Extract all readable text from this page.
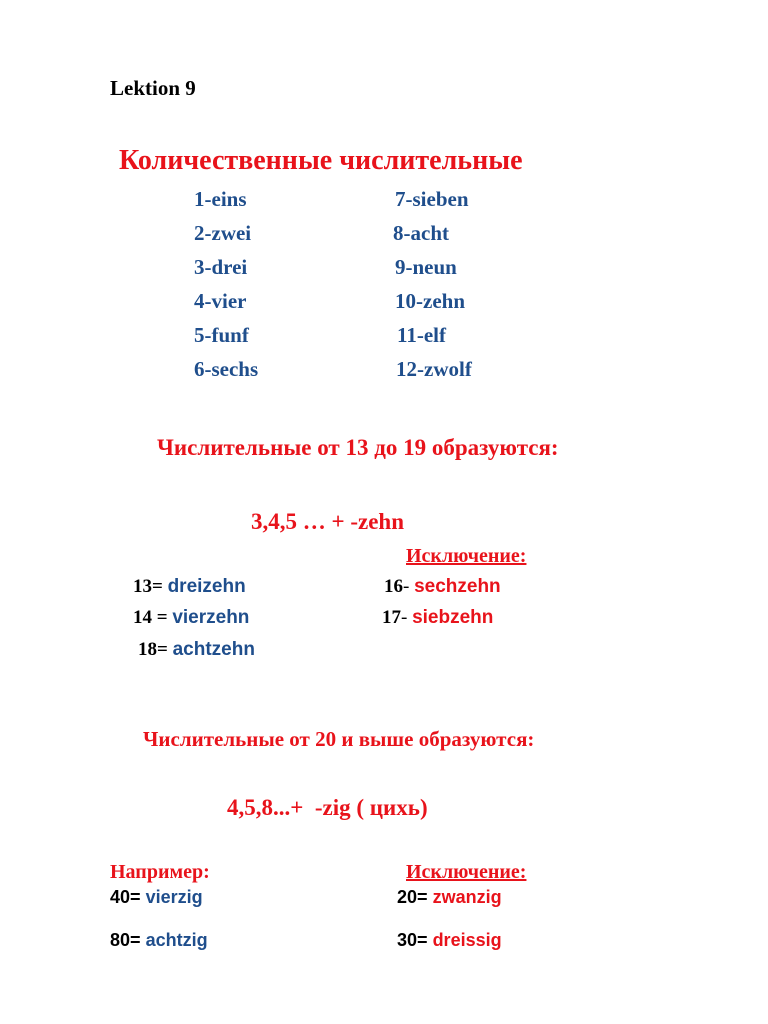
Lektion 9
Количественные числительные
1-eins
2-zwei
3-drei
4-vier
5-funf
6-sechs
7-sieben
8-acht
9-neun
10-zehn
11-elf
12-zwolf
Числительные от 13 до 19 образуются:
3,4,5 … + -zehn
Исключение:
13= dreizehn
14 = vierzehn
18= achtzehn
16- sechzehn
17- siebzehn
Числительные от 20 и выше образуются:
4,5,8...+  -zig ( цихь)
Например:	Исключение:
40= vierzig
80= achtzig
20= zwanzig
30= dreissig
